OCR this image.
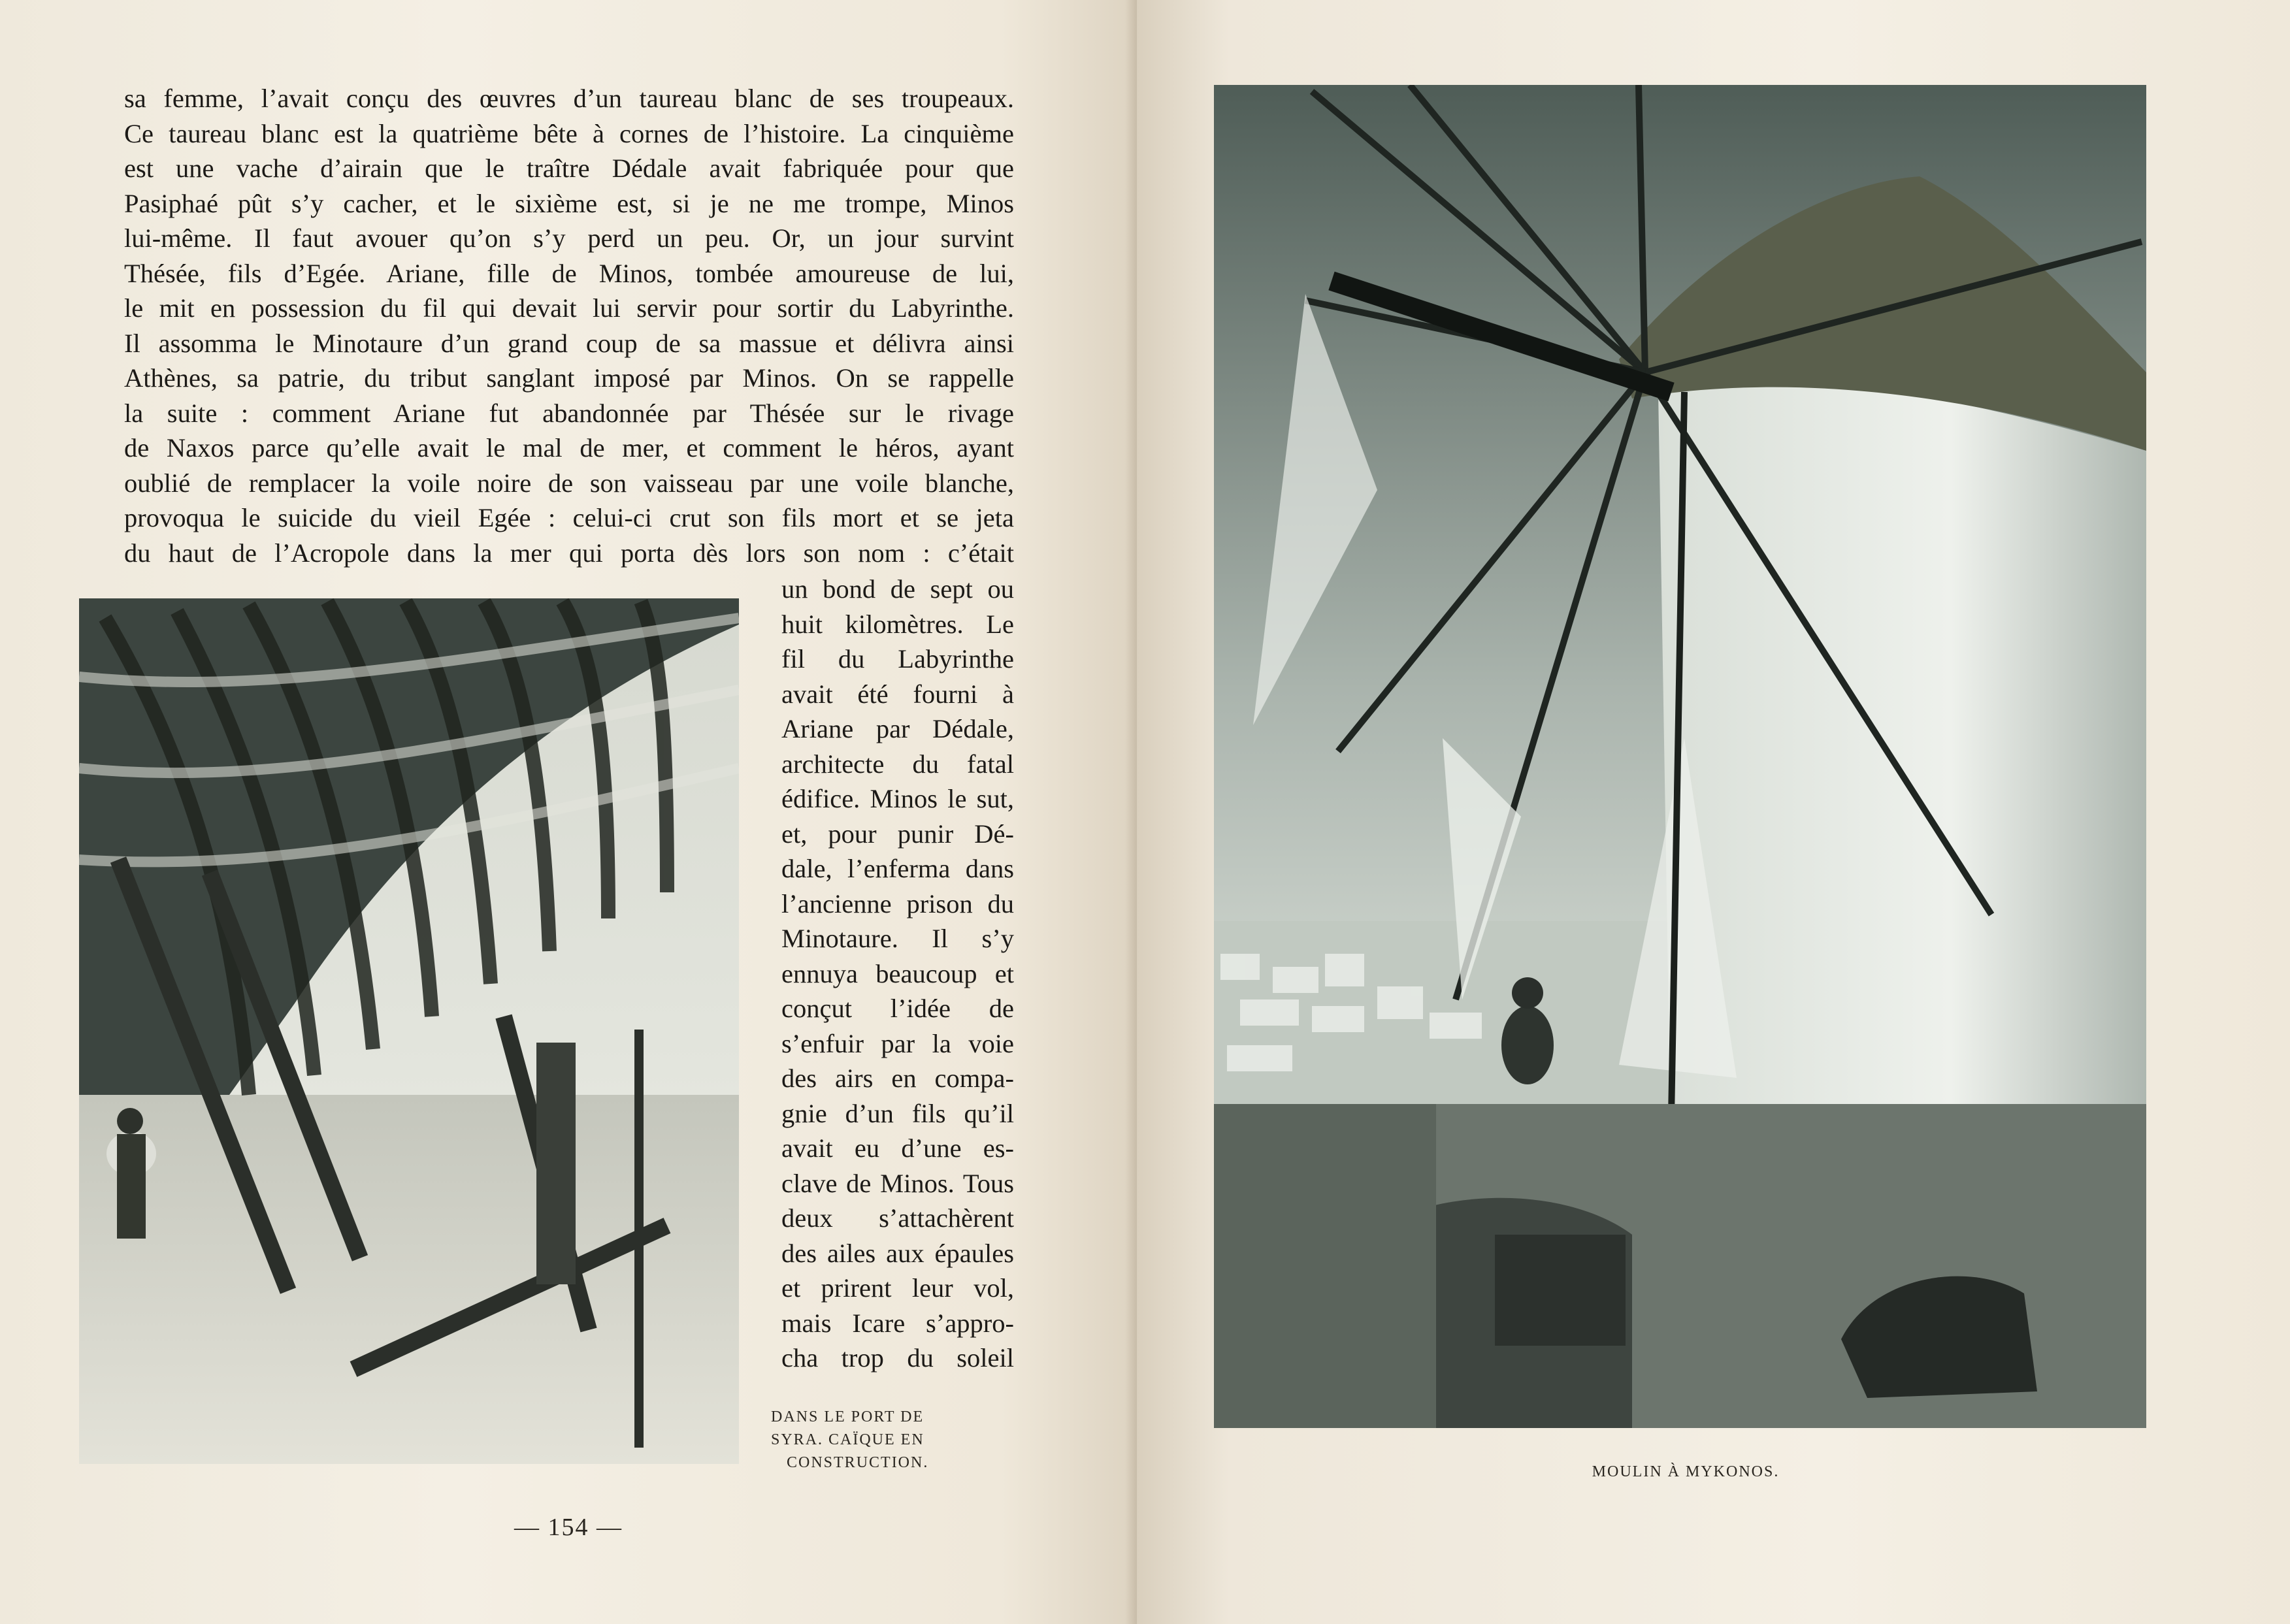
sa femme, l’avait conçu des œuvres d’un taureau blanc de ses troupeaux.
Ce taureau blanc est la quatrième bête à cornes de l’histoire. La cinquième
est une vache d’airain que le traître Dédale avait fabriquée pour que
Pasiphaé pût s’y cacher, et le sixième est, si je ne me trompe, Minos
lui-même. Il faut avouer qu’on s’y perd un peu. Or, un jour survint
Thésée, fils d’Egée. Ariane, fille de Minos, tombée amoureuse de lui,
le mit en possession du fil qui devait lui servir pour sortir du Labyrinthe.
Il assomma le Minotaure d’un grand coup de sa massue et délivra ainsi
Athènes, sa patrie, du tribut sanglant imposé par Minos. On se rappelle
la suite : comment Ariane fut abandonnée par Thésée sur le rivage
de Naxos parce qu’elle avait le mal de mer, et comment le héros, ayant
oublié de remplacer la voile noire de son vaisseau par une voile blanche,
provoqua le suicide du vieil Egée : celui-ci crut son fils mort et se jeta
du haut de l’Acropole dans la mer qui porta dès lors son nom : c’était
un bond de sept ou
huit kilomètres. Le
fil du Labyrinthe
avait été fourni à
Ariane par Dédale,
architecte du fatal
édifice. Minos le sut,
et, pour punir Dé-
dale, l’enferma dans
l’ancienne prison du
Minotaure. Il s’y
ennuya beaucoup et
conçut l’idée de
s’enfuir par la voie
des airs en compa-
gnie d’un fils qu’il
avait eu d’une es-
clave de Minos. Tous
deux s’attachèrent
des ailes aux épaules
et prirent leur vol,
mais Icare s’appro-
cha trop du soleil
DANS LE PORT DE
SYRA. CAÏQUE EN
CONSTRUCTION.
— 154 —
MOULIN À MYKONOS.
